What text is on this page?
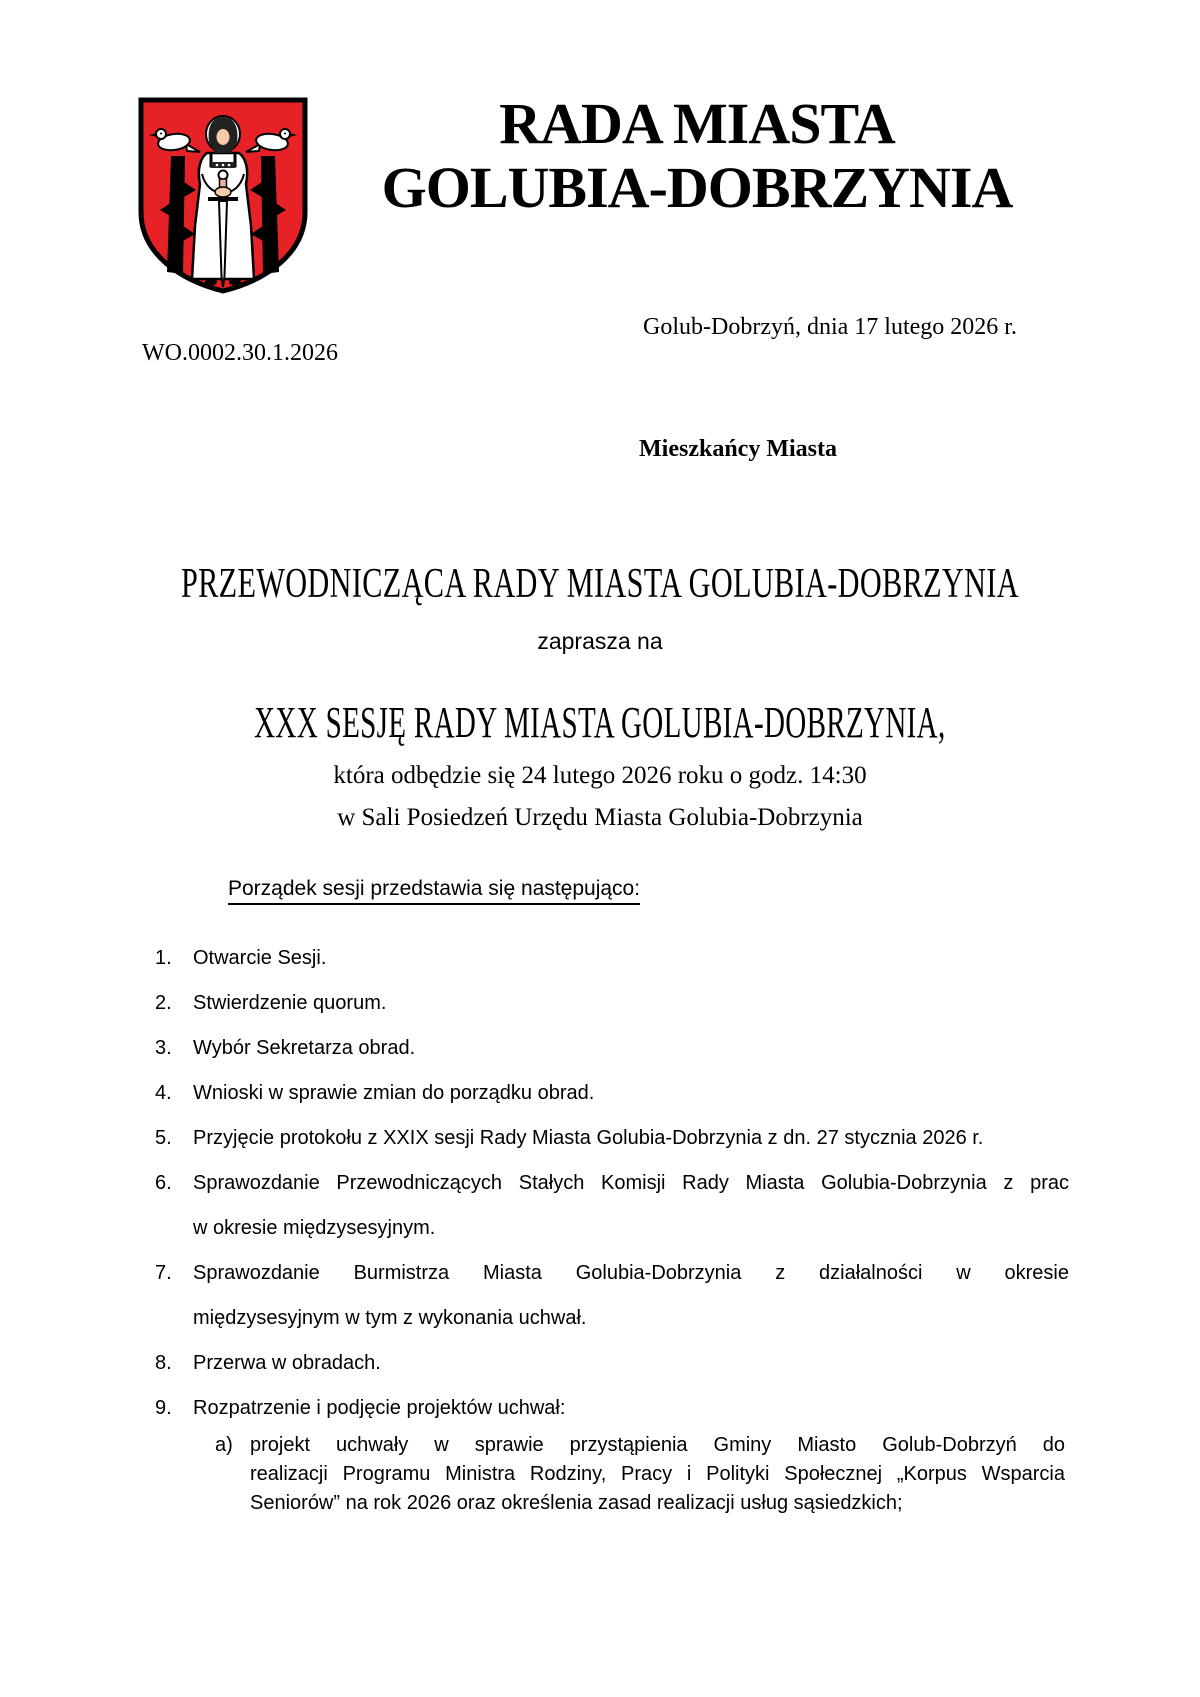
RADA MIASTA
GOLUBIA-DOBRZYNIA
Golub-Dobrzyń, dnia 17 lutego 2026 r.
WO.0002.30.1.2026
Mieszkańcy Miasta
PRZEWODNICZĄCA RADY MIASTA GOLUBIA-DOBRZYNIA
zaprasza na
XXX SESJĘ RADY MIASTA GOLUBIA-DOBRZYNIA,
która odbędzie się 24 lutego 2026 roku o godz. 14:30
w Sali Posiedzeń Urzędu Miasta Golubia-Dobrzynia
Porządek sesji przedstawia się następująco:
1. Otwarcie Sesji.
2. Stwierdzenie quorum.
3. Wybór Sekretarza obrad.
4. Wnioski w sprawie zmian do porządku obrad.
5. Przyjęcie protokołu z XXIX sesji Rady Miasta Golubia-Dobrzynia z dn. 27 stycznia 2026 r.
6. Sprawozdanie Przewodniczących Stałych Komisji Rady Miasta Golubia-Dobrzynia z prac
w okresie międzysesyjnym.
7. Sprawozdanie Burmistrza Miasta Golubia-Dobrzynia z działalności w okresie
międzysesyjnym w tym z wykonania uchwał.
8. Przerwa w obradach.
9. Rozpatrzenie i podjęcie projektów uchwał:
a) projekt uchwały w sprawie przystąpienia Gminy Miasto Golub-Dobrzyń do
realizacji Programu Ministra Rodziny, Pracy i Polityki Społecznej „Korpus Wsparcia
Seniorów” na rok 2026 oraz określenia zasad realizacji usług sąsiedzkich;
